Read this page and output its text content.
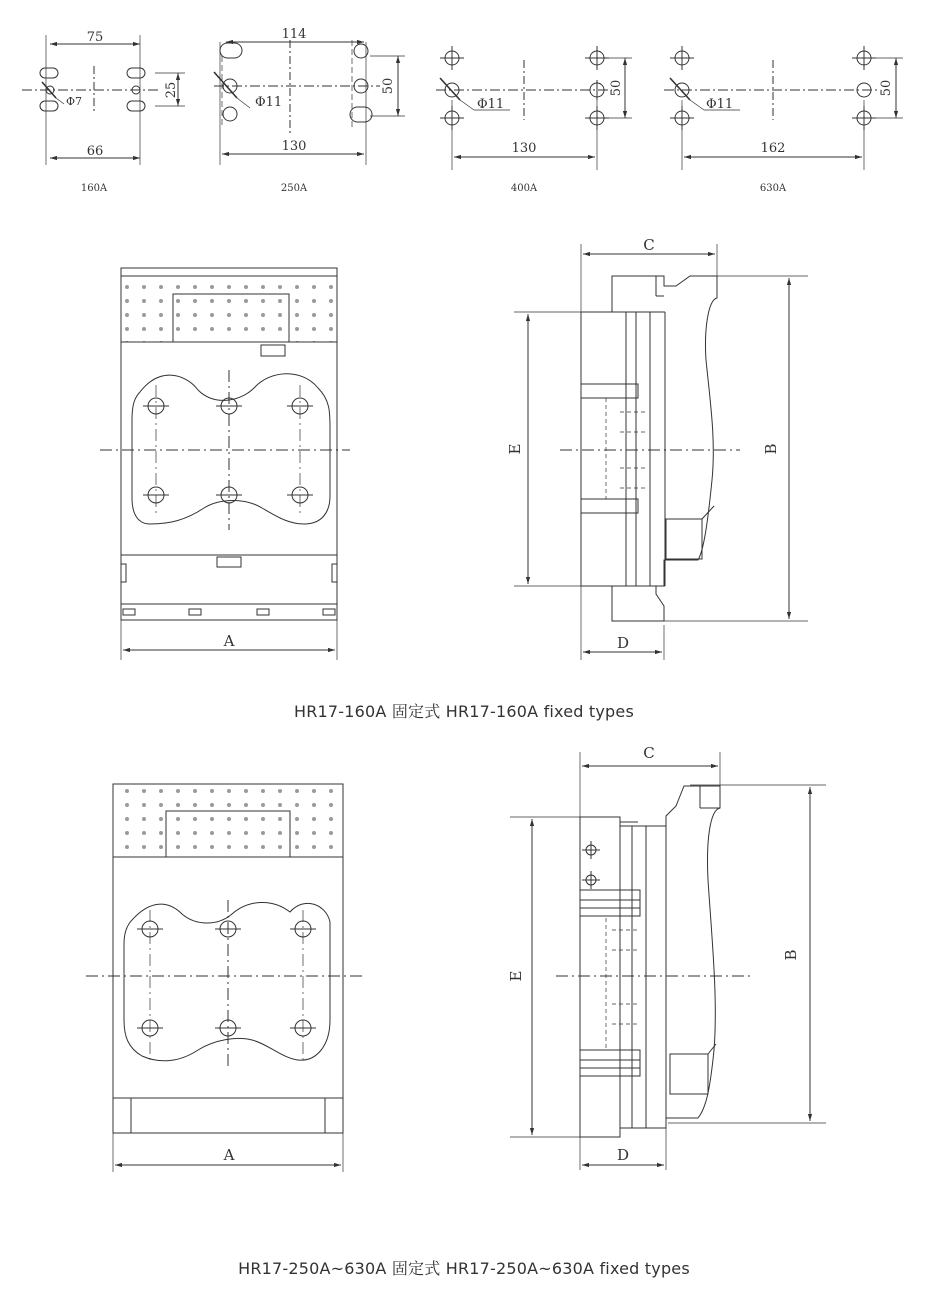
75
66
25
Φ7
114
130
50
Φ11
130
50
Φ11
162
50
Φ11
160A	250A	400A	630A
A
C
D
E	B
A
C
D
E
B
HR17-160A 固定式 HR17-160A fixed types
HR17-250A~630A 固定式 HR17-250A~630A fixed types
